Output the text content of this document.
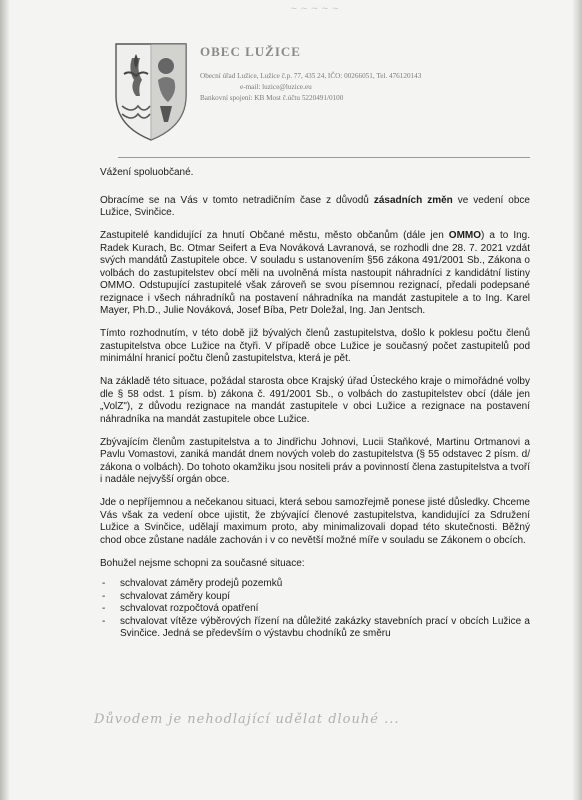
~ ~ ~ ~ ~
OBEC LUŽICE
Obecní úřad Lužice, Lužice č.p. 77, 435 24, IČO: 00266051, Tel. 476120143
e-mail: luzice@luzice.eu
Bankovní spojení: KB Most č.účtu 5220491/0100

Vážení spoluobčané.

Obracíme se na Vás v tomto netradičním čase z důvodů zásadních změn ve vedení obce Lužice, Svinčice.

Zastupitelé kandidující za hnutí Občané městu, město občanům (dále jen OMMO) a to Ing. Radek Kurach, Bc. Otmar Seifert a Eva Nováková Lavranová, se rozhodli dne 28. 7. 2021 vzdát svých mandátů Zastupitele obce. V souladu s ustanovením §56 zákona 491/2001 Sb., Zákona o volbách do zastupitelstev obcí měli na uvolněná místa nastoupit náhradníci z kandidátní listiny OMMO. Odstupující zastupitelé však zároveň se svou písemnou rezignací, předali podepsané rezignace i všech náhradníků na postavení náhradníka na mandát zastupitele a to Ing. Karel Mayer, Ph.D., Julie Nováková, Josef Bíba, Petr Doležal, Ing. Jan Jentsch.

Tímto rozhodnutím, v této době již bývalých členů zastupitelstva, došlo k poklesu počtu členů zastupitelstva obce Lužice na čtyři. V případě obce Lužice je současný počet zastupitelů pod minimální hranicí počtu členů zastupitelstva, která je pět.

Na základě této situace, požádal starosta obce Krajský úřad Ústeckého kraje o mimořádné volby dle § 58 odst. 1 písm. b) zákona č. 491/2001 Sb., o volbách do zastupitelstev obcí (dále jen „VolZ"), z důvodu rezignace na mandát zastupitele v obci Lužice a rezignace na postavení náhradníka na mandát zastupitele obce Lužice.

Zbývajícím členům zastupitelstva a to Jindřichu Johnovi, Lucii Staňkové, Martinu Ortmanovi a Pavlu Vomastovi, zaniká mandát dnem nových voleb do zastupitelstva (§ 55 odstavec 2 písm. d/ zákona o volbách). Do tohoto okamžiku jsou nositeli práv a povinností člena zastupitelstva a tvoří i nadále nejvyšší orgán obce.

Jde o nepříjemnou a nečekanou situaci, která sebou samozřejmě ponese jisté důsledky. Chceme Vás však za vedení obce ujistit, že zbývající členové zastupitelstva, kandidující za Sdružení Lužice a Svinčice, udělají maximum proto, aby minimalizovali dopad této skutečnosti. Běžný chod obce zůstane nadále zachován i v co nevětší možné míře v souladu se Zákonem o obcích.

Bohužel nejsme schopni za současné situace:

- schvalovat záměry prodejů pozemků
- schvalovat záměry koupí
- schvalovat rozpočtová opatření
- schvalovat vítěze výběrových řízení na důležité zakázky stavebních prací v obcích Lužice a Svinčice. Jedná se především o výstavbu chodníků ze směru
Důvodem je nehodlající udělat dlouhé ...
